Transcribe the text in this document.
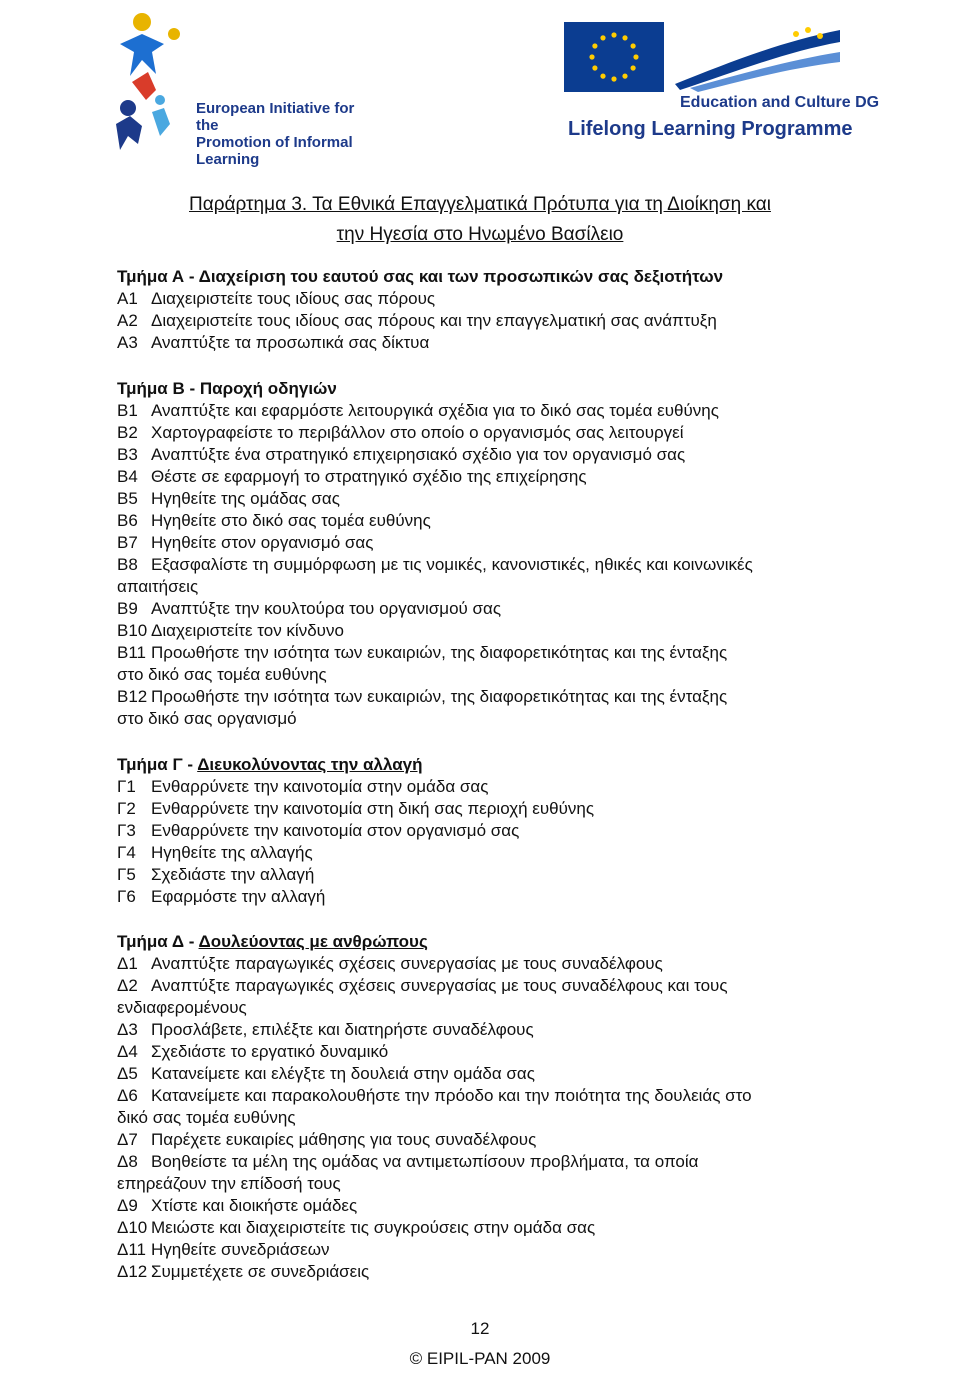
European Initiative for the
Promotion of Informal Learning
Education and Culture DG
Lifelong Learning Programme
Παράρτημα 3. Τα Εθνικά Επαγγελματικά Πρότυπα για τη Διοίκηση και
την Ηγεσία στο Ηνωμένο Βασίλειο
Τμήμα Α - Διαχείριση του εαυτού σας και των προσωπικών σας δεξιοτήτων
Α1 Διαχειριστείτε τους ιδίους σας πόρους
Α2 Διαχειριστείτε τους ιδίους σας πόρους και την επαγγελματική σας ανάπτυξη
Α3 Αναπτύξτε τα προσωπικά σας δίκτυα
Τμήμα Β - Παροχή οδηγιών
Β1 Αναπτύξτε και εφαρμόστε λειτουργικά σχέδια για το δικό σας τομέα ευθύνης
Β2 Χαρτογραφείστε το περιβάλλον στο οποίο ο οργανισμός σας λειτουργεί
Β3 Αναπτύξτε ένα στρατηγικό επιχειρησιακό σχέδιο για τον οργανισμό σας
Β4 Θέστε σε εφαρμογή το στρατηγικό σχέδιο της επιχείρησης
Β5 Ηγηθείτε της ομάδας σας
Β6 Ηγηθείτε στο δικό σας τομέα ευθύνης
Β7 Ηγηθείτε στον οργανισμό σας
Β8 Εξασφαλίστε τη συμμόρφωση με τις νομικές, κανονιστικές, ηθικές και κοινωνικές
απαιτήσεις
Β9 Αναπτύξτε την κουλτούρα του οργανισμού σας
Β10 Διαχειριστείτε τον κίνδυνο
Β11 Προωθήστε την ισότητα των ευκαιριών, της διαφορετικότητας και της ένταξης
στο δικό σας τομέα ευθύνης
Β12 Προωθήστε την ισότητα των ευκαιριών, της διαφορετικότητας και της ένταξης
στο δικό σας οργανισμό
Τμήμα Γ - Διευκολύνοντας την αλλαγή
Γ1 Ενθαρρύνετε την καινοτομία στην ομάδα σας
Γ2 Ενθαρρύνετε την καινοτομία στη δική σας περιοχή ευθύνης
Γ3 Ενθαρρύνετε την καινοτομία στον οργανισμό σας
Γ4 Ηγηθείτε της αλλαγής
Γ5 Σχεδιάστε την αλλαγή
Γ6 Εφαρμόστε την αλλαγή
Τμήμα Δ - Δουλεύοντας με ανθρώπους
Δ1 Αναπτύξτε παραγωγικές σχέσεις συνεργασίας με τους συναδέλφους
Δ2 Αναπτύξτε παραγωγικές σχέσεις συνεργασίας με τους συναδέλφους και τους
ενδιαφερομένους
Δ3 Προσλάβετε, επιλέξτε και διατηρήστε συναδέλφους
Δ4 Σχεδιάστε το εργατικό δυναμικό
Δ5 Κατανείμετε και ελέγξτε τη δουλειά στην ομάδα σας
Δ6 Κατανείμετε και παρακολουθήστε την πρόοδο και την ποιότητα της δουλειάς στο
δικό σας τομέα ευθύνης
Δ7 Παρέχετε ευκαιρίες μάθησης για τους συναδέλφους
Δ8 Βοηθείστε τα μέλη της ομάδας να αντιμετωπίσουν προβλήματα, τα οποία
επηρεάζουν την επίδοσή τους
Δ9 Χτίστε και διοικήστε ομάδες
Δ10 Μειώστε και διαχειριστείτε τις συγκρούσεις στην ομάδα σας
Δ11 Ηγηθείτε συνεδριάσεων
Δ12 Συμμετέχετε σε συνεδριάσεις
12
© EIPIL-PAN 2009
